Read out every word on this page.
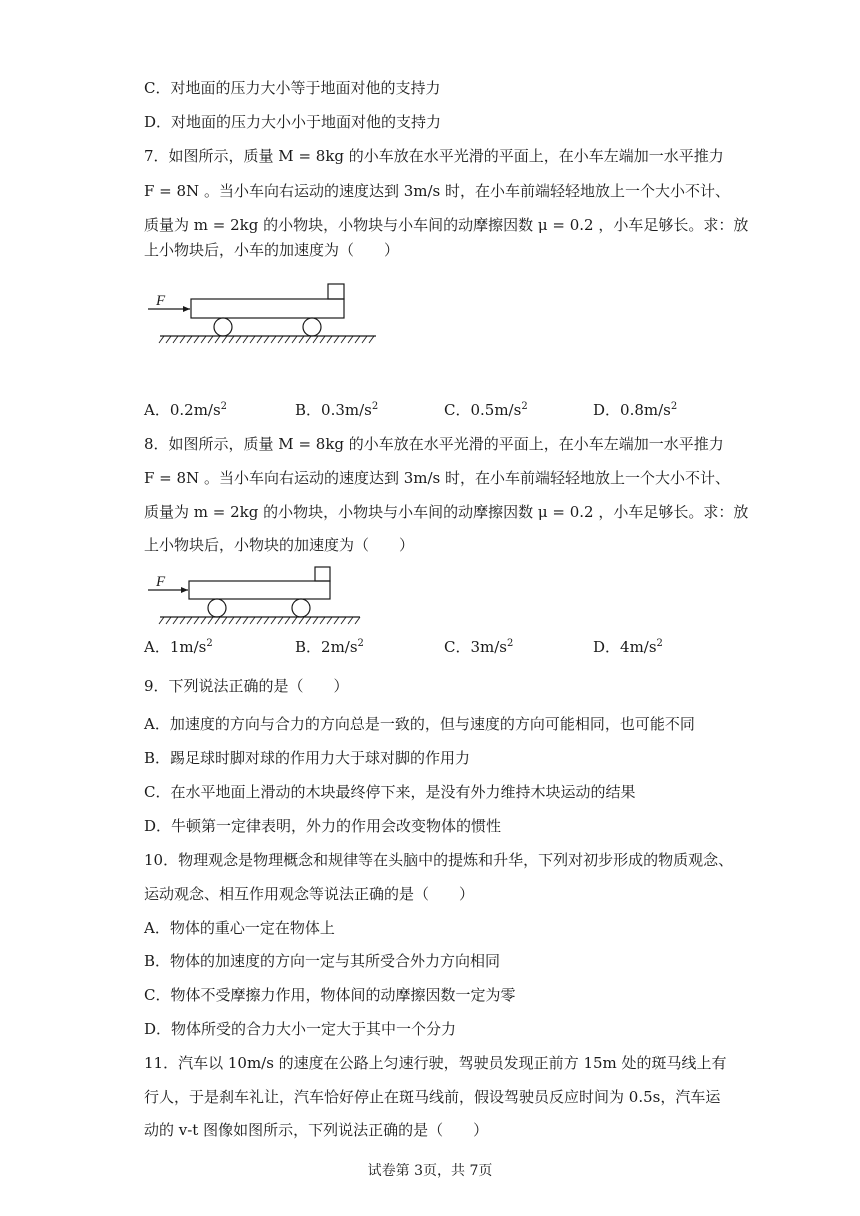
C．对地面的压力大小等于地面对他的支持力
D．对地面的压力大小小于地面对他的支持力
7．如图所示，质量 M = 8kg 的小车放在水平光滑的平面上，在小车左端加一水平推力
F = 8N 。当小车向右运动的速度达到 3m/s 时，在小车前端轻轻地放上一个大小不计、
质量为 m = 2kg 的小物块，小物块与小车间的动摩擦因数 μ = 0.2 ，小车足够长。求：放
上小物块后，小车的加速度为（　　）
F
A．$0.2m/s^2$	B．$0.3m/s^2$	C．$0.5m/s^2$	D．$0.8m/s^2$
8．如图所示，质量 M = 8kg 的小车放在水平光滑的平面上，在小车左端加一水平推力
F = 8N 。当小车向右运动的速度达到 3m/s 时，在小车前端轻轻地放上一个大小不计、
质量为 m = 2kg 的小物块，小物块与小车间的动摩擦因数 μ = 0.2 ，小车足够长。求：放
上小物块后，小物块的加速度为（　　）
F
A．$1m/s^2$	B．$2m/s^2$	C．$3m/s^2$	D．$4m/s^2$
9．下列说法正确的是（　　）
A．加速度的方向与合力的方向总是一致的，但与速度的方向可能相同，也可能不同
B．踢足球时脚对球的作用力大于球对脚的作用力
C．在水平地面上滑动的木块最终停下来，是没有外力维持木块运动的结果
D．牛顿第一定律表明，外力的作用会改变物体的惯性
10．物理观念是物理概念和规律等在头脑中的提炼和升华，下列对初步形成的物质观念、
运动观念、相互作用观念等说法正确的是（　　）
A．物体的重心一定在物体上
B．物体的加速度的方向一定与其所受合外力方向相同
C．物体不受摩擦力作用，物体间的动摩擦因数一定为零
D．物体所受的合力大小一定大于其中一个分力
11．汽车以 10m/s 的速度在公路上匀速行驶，驾驶员发现正前方 15m 处的斑马线上有
行人，于是刹车礼让，汽车恰好停止在斑马线前，假设驾驶员反应时间为 0.5s，汽车运
动的 v-t 图像如图所示，下列说法正确的是（　　）
试卷第 3页，共 7页
